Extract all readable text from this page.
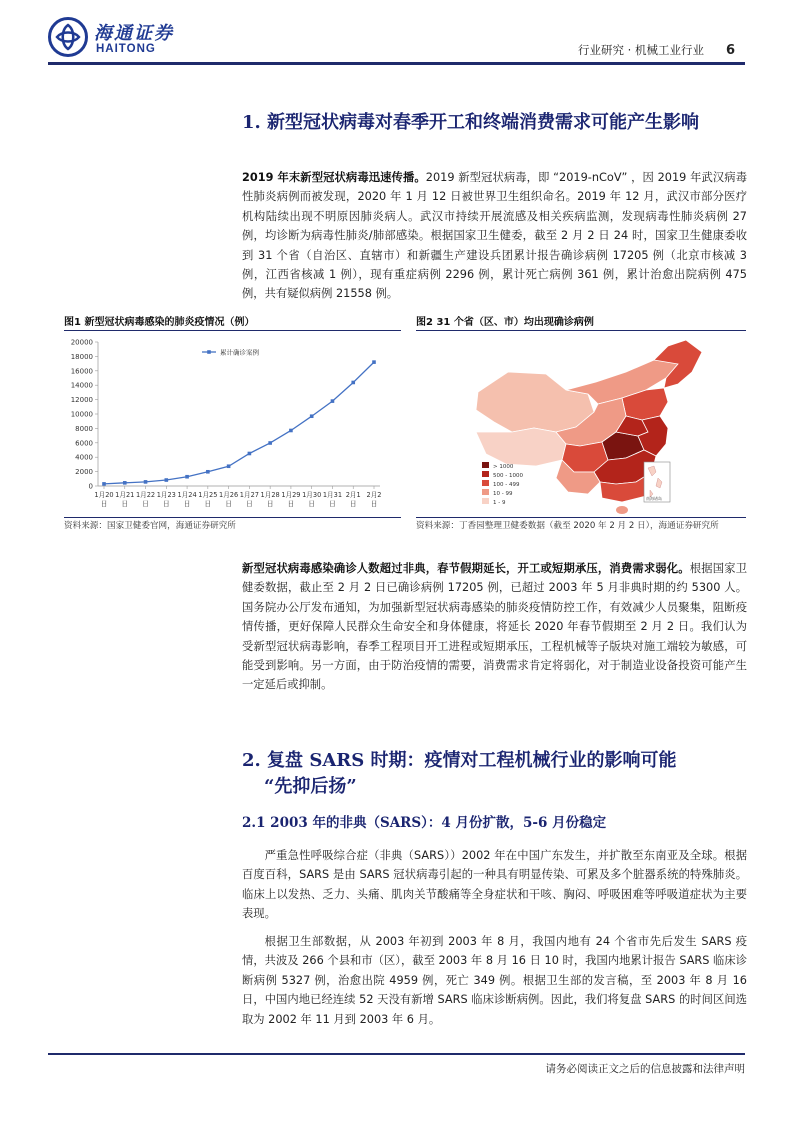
海通证券
HAITONG	行业研究 · 机械工业行业 6
1. 新型冠状病毒对春季开工和终端消费需求可能产生影响
2019 年末新型冠状病毒迅速传播。2019 新型冠状病毒，即 “2019-nCoV” ，因 2019 年武汉病毒性肺炎病例而被发现，2020 年 1 月 12 日被世界卫生组织命名。2019 年 12 月，武汉市部分医疗机构陆续出现不明原因肺炎病人。武汉市持续开展流感及相关疾病监测，发现病毒性肺炎病例 27 例，均诊断为病毒性肺炎/肺部感染。根据国家卫生健委，截至 2 月 2 日 24 时，国家卫生健康委收到 31 个省（自治区、直辖市）和新疆生产建设兵团累计报告确诊病例 17205 例（北京市核减 3 例，江西省核减 1 例），现有重症病例 2296 例，累计死亡病例 361 例，累计治愈出院病例 475 例，共有疑似病例 21558 例。
图1 新型冠状病毒感染的肺炎疫情况（例）
0
2000
4000
6000
8000
10000
12000
14000
16000
18000
20000
1月20 日
1月21 日
1月22 日
1月23 日
1月24 日
1月25 日
1月26 日
1月27 日
1月28 日
1月29 日
1月30 日
1月31 日
2月1 日
2月2 日
累计确诊案例
资料来源：国家卫健委官网，海通证券研究所
图2 31 个省（区、市）均出现确诊病例
> 1000
500 - 1000
100 - 499
10 - 99
1 - 9
南海诸岛
资料来源：丁香园整理卫健委数据（截至 2020 年 2 月 2 日），海通证券研究所
新型冠状病毒感染确诊人数超过非典，春节假期延长，开工或短期承压，消费需求弱化。根据国家卫健委数据，截止至 2 月 2 日已确诊病例 17205 例，已超过 2003 年 5 月非典时期的约 5300 人。国务院办公厅发布通知，为加强新型冠状病毒感染的肺炎疫情防控工作，有效减少人员聚集，阻断疫情传播，更好保障人民群众生命安全和身体健康，将延长 2020 年春节假期至 2 月 2 日。我们认为受新型冠状病毒影响，春季工程项目开工进程或短期承压，工程机械等子版块对施工端较为敏感，可能受到影响。另一方面，由于防治疫情的需要，消费需求肯定将弱化，对于制造业设备投资可能产生一定延后或抑制。
2. 复盘 SARS 时期：疫情对工程机械行业的影响可能
“先抑后扬”
2.1 2003 年的非典（SARS）：4 月份扩散，5-6 月份稳定
严重急性呼吸综合症（非典（SARS））2002 年在中国广东发生，并扩散至东南亚及全球。根据百度百科，SARS 是由 SARS 冠状病毒引起的一种具有明显传染、可累及多个脏器系统的特殊肺炎。临床上以发热、乏力、头痛、肌肉关节酸痛等全身症状和干咳、胸闷、呼吸困难等呼吸道症状为主要表现。
根据卫生部数据，从 2003 年初到 2003 年 8 月，我国内地有 24 个省市先后发生 SARS 疫情，共波及 266 个县和市（区），截至 2003 年 8 月 16 日 10 时，我国内地累计报告 SARS 临床诊断病例 5327 例，治愈出院 4959 例，死亡 349 例。根据卫生部的发言稿，至 2003 年 8 月 16 日，中国内地已经连续 52 天没有新增 SARS 临床诊断病例。因此，我们将复盘 SARS 的时间区间选取为 2002 年 11 月到 2003 年 6 月。
请务必阅读正文之后的信息披露和法律声明
